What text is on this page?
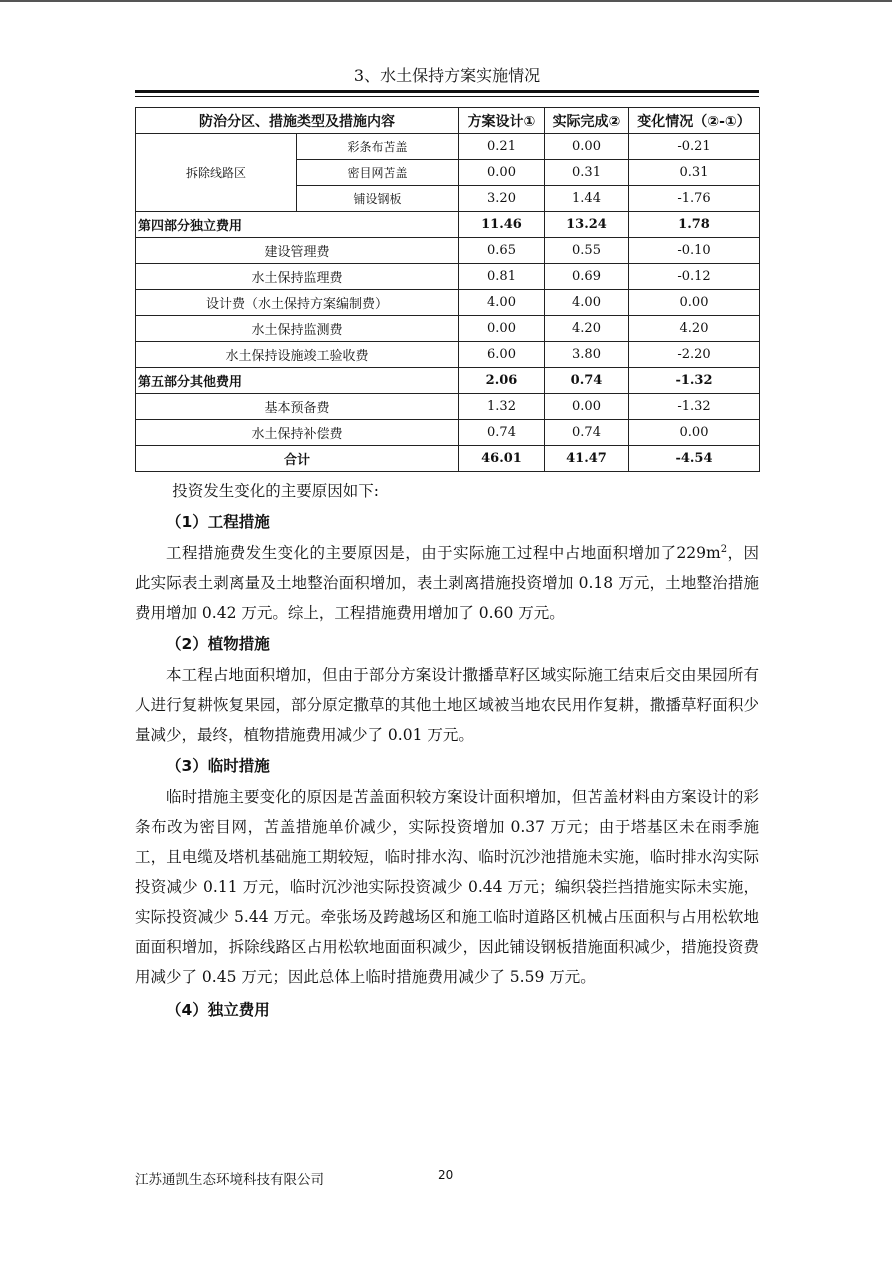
3、水土保持方案实施情况
防治分区、措施类型及措施内容		方案设计①	实际完成②	变化情况（②-①）
拆除线路区	彩条布苫盖	0.21	0.00	-0.21
	密目网苫盖	0.00	0.31	0.31
	铺设钢板	3.20	1.44	-1.76
第四部分独立费用		11.46	13.24	1.78
建设管理费		0.65	0.55	-0.10
水土保持监理费		0.81	0.69	-0.12
设计费（水土保持方案编制费）		4.00	4.00	0.00
水土保持监测费		0.00	4.20	4.20
水土保持设施竣工验收费		6.00	3.80	-2.20
第五部分其他费用		2.06	0.74	-1.32
基本预备费		1.32	0.00	-1.32
水土保持补偿费		0.74	0.74	0.00
合计		46.01	41.47	-4.54

投资发生变化的主要原因如下:

（1）工程措施

工程措施费发生变化的主要原因是，由于实际施工过程中占地面积增加了$229m^2$，因此实际表土剥离量及土地整治面积增加，表土剥离措施投资增加 0.18 万元，土地整治措施费用增加 0.42 万元。综上，工程措施费用增加了 0.60 万元。

（2）植物措施

本工程占地面积增加，但由于部分方案设计撒播草籽区域实际施工结束后交由果园所有人进行复耕恢复果园，部分原定撒草的其他土地区域被当地农民用作复耕，撒播草籽面积少量减少，最终，植物措施费用减少了 0.01 万元。

（3）临时措施

临时措施主要变化的原因是苫盖面积较方案设计面积增加，但苫盖材料由方案设计的彩条布改为密目网，苫盖措施单价减少，实际投资增加 0.37 万元；由于塔基区未在雨季施工，且电缆及塔机基础施工期较短，临时排水沟、临时沉沙池措施未实施，临时排水沟实际投资减少 0.11 万元，临时沉沙池实际投资减少 0.44 万元；编织袋拦挡措施实际未实施，实际投资减少 5.44 万元。牵张场及跨越场区和施工临时道路区机械占压面积与占用松软地面面积增加，拆除线路区占用松软地面面积减少，因此铺设钢板措施面积减少，措施投资费用减少了 0.45 万元；因此总体上临时措施费用减少了 5.59 万元。

（4）独立费用
江苏通凯生态环境科技有限公司	20
